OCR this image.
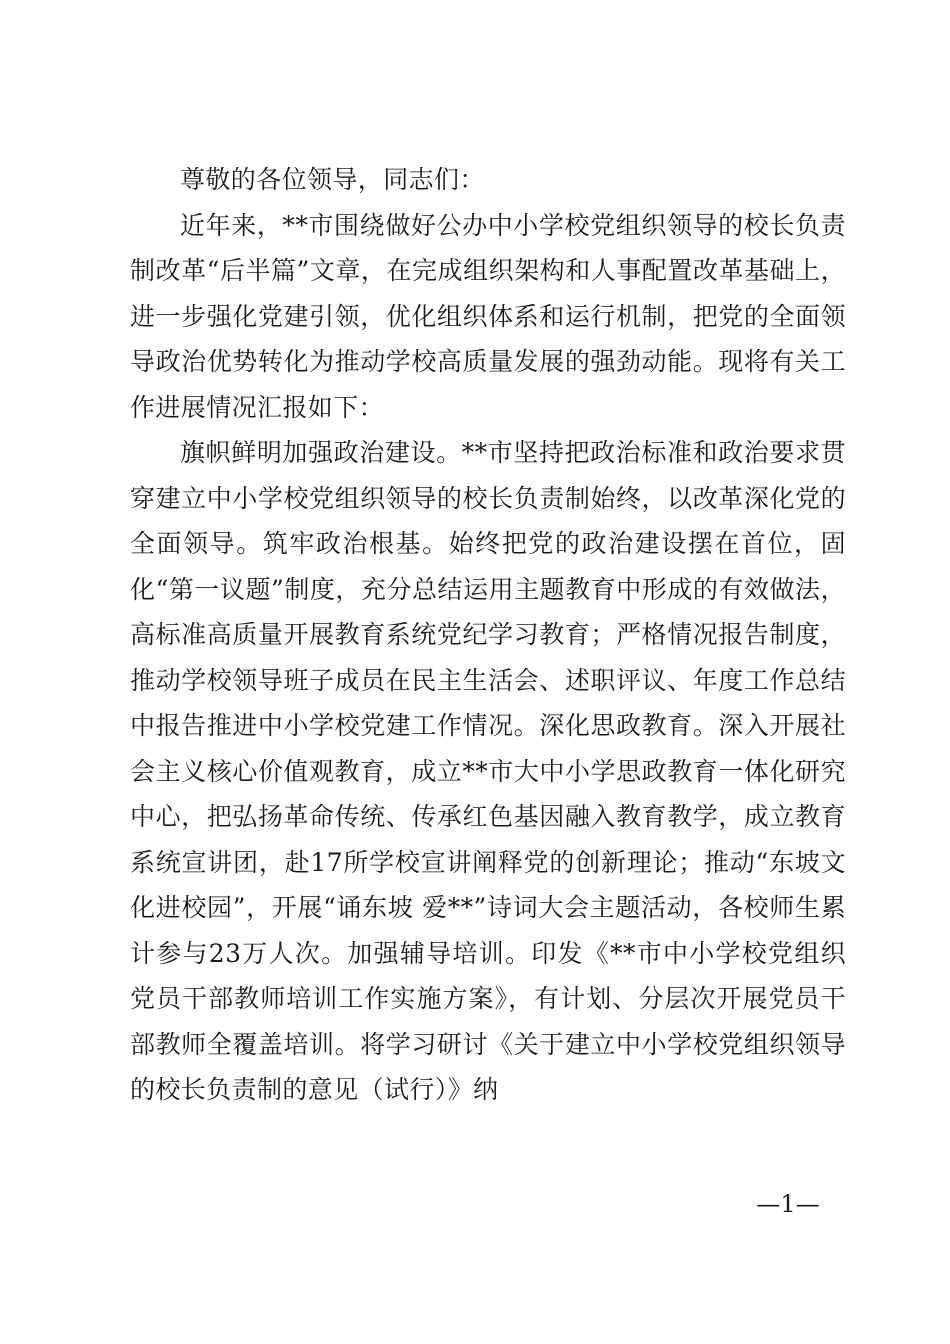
尊敬的各位领导，同志们：

近年来，**市围绕做好公办中小学校党组织领导的校长负责制改革“后半篇”文章，在完成组织架构和人事配置改革基础上，进一步强化党建引领，优化组织体系和运行机制，把党的全面领导政治优势转化为推动学校高质量发展的强劲动能。现将有关工作进展情况汇报如下：

旗帜鲜明加强政治建设。**市坚持把政治标准和政治要求贯穿建立中小学校党组织领导的校长负责制始终，以改革深化党的全面领导。筑牢政治根基。始终把党的政治建设摆在首位，固化“第一议题”制度，充分总结运用主题教育中形成的有效做法，高标准高质量开展教育系统党纪学习教育；严格情况报告制度，推动学校领导班子成员在民主生活会、述职评议、年度工作总结中报告推进中小学校党建工作情况。深化思政教育。深入开展社会主义核心价值观教育，成立**市大中小学思政教育一体化研究中心，把弘扬革命传统、传承红色基因融入教育教学，成立教育系统宣讲团，赴17所学校宣讲阐释党的创新理论；推动“东坡文化进校园”，开展“诵东坡 爱**”诗词大会主题活动，各校师生累计参与23万人次。加强辅导培训。印发《**市中小学校党组织党员干部教师培训工作实施方案》，有计划、分层次开展党员干部教师全覆盖培训。将学习研讨《关于建立中小学校党组织领导的校长负责制的意见（试行）》纳

—1—
